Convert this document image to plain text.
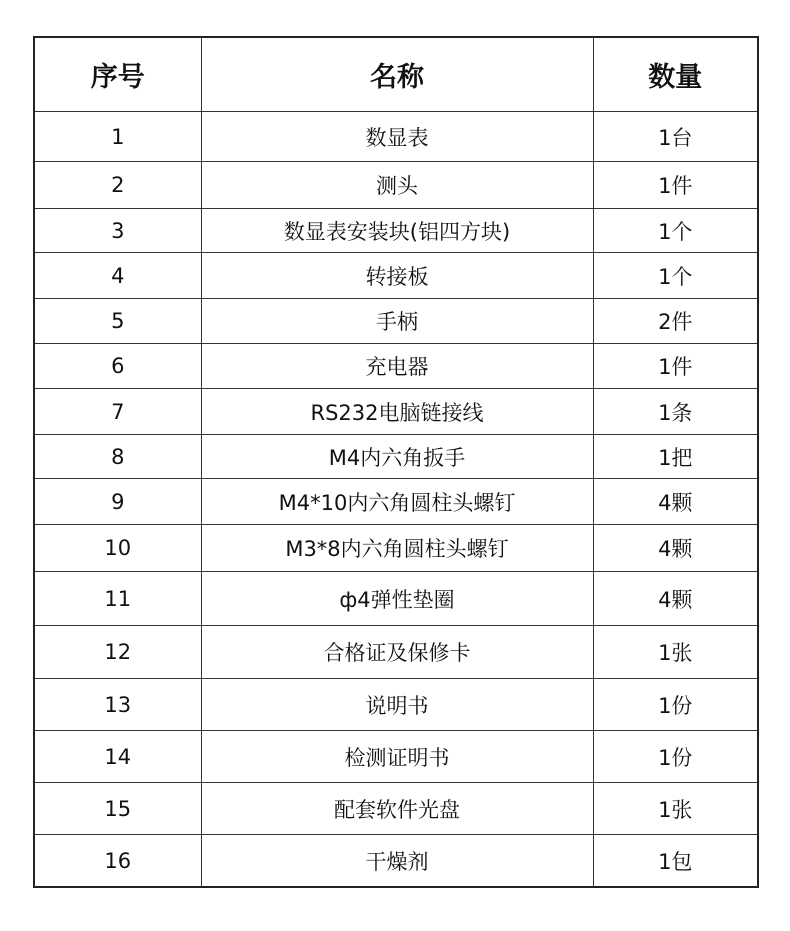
序号	名称	数量
1	数显表	1台
2	测头	1件
3	数显表安装块(铝四方块)	1个
4	转接板	1个
5	手柄	2件
6	充电器	1件
7	RS232电脑链接线	1条
8	M4内六角扳手	1把
9	M4*10内六角圆柱头螺钉	4颗
10	M3*8内六角圆柱头螺钉	4颗
11	ф4弹性垫圈	4颗
12	合格证及保修卡	1张
13	说明书	1份
14	检测证明书	1份
15	配套软件光盘	1张
16	干燥剂	1包
